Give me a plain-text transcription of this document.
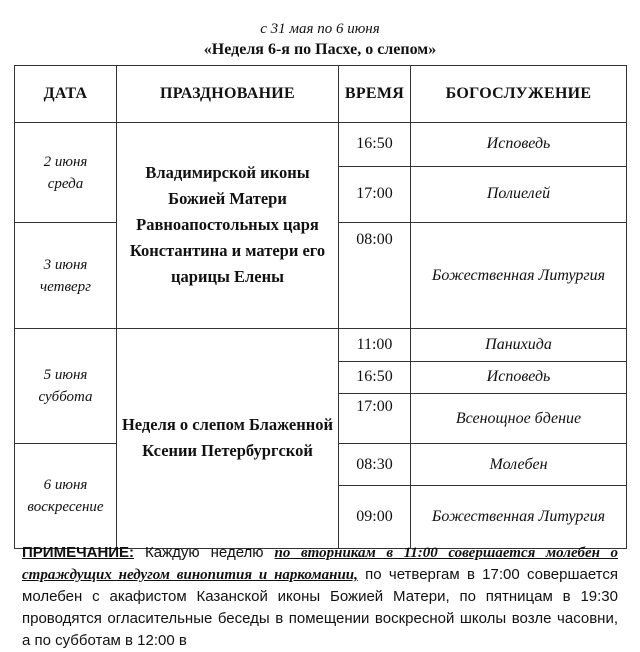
с 31 мая по 6 июня
«Неделя 6-я по Пасхе, о слепом»
ДАТА	ПРАЗДНОВАНИЕ	ВРЕМЯ	БОГОСЛУЖЕНИЕ

2 июня
среда	Владимирской иконы Божией Матери Равноапостольных царя Константина и матери его царицы Елены	16:50	Исповедь
		17:00	Полиелей

3 июня
четверг		08:00	Божественная Литургия

5 июня
суббота	Неделя о слепом Блаженной Ксении Петербургской	11:00	Панихида
		16:50	Исповедь
		17:00	Всенощное бдение

6 июня
воскресение		08:30	Молебен
		09:00	Божественная Литургия
ПРИМЕЧАНИЕ: Каждую неделю по вторникам в 11:00 совершается молебен о страждущих недугом винопития и наркомании, по четвергам в 17:00 совершается молебен с акафистом Казанской иконы Божией Матери, по пятницам в 19:30 проводятся огласительные беседы в помещении воскресной школы возле часовни, а по субботам в 12:00 в
